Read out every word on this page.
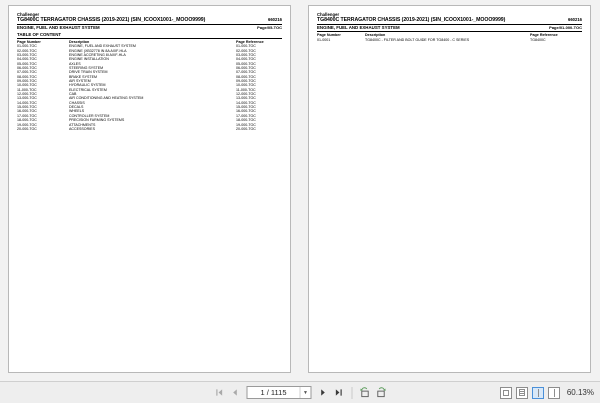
Challenger
TG8400C TERRAGATOR CHASSIS (2019-2021) (SIN_ICOOX1001-_MOOO9999)	660216
ENGINE, FUEL AND EXHAUST SYSTEM	Page/05-TOC
TABLE OF CONTENT
Page Number	Description	Page Reference
01-000-TOC	ENGINE, FUEL AND EXHAUST SYSTEM	01-000-TOC
02-000-TOC	ENGINE (XB32778 IN 8A AXIF-HLA	02-000-TOC
03-000-TOC	ENGINE ACCRETING 8I AXIF-HLA	03-000-TOC
04-000-TOC	ENGINE INSTALLATION	04-000-TOC
05-000-TOC	AXLES	05-000-TOC
06-000-TOC	STEERING SYSTEM	06-000-TOC
07-000-TOC	DRIVE TRAIN SYSTEM	07-000-TOC
08-000-TOC	BRAKE SYSTEM	08-000-TOC
09-000-TOC	AIR SYSTEM	09-000-TOC
10-000-TOC	HYDRAULIC SYSTEM	10-000-TOC
11-000-TOC	ELECTRICAL SYSTEM	11-000-TOC
12-000-TOC	CAB	12-000-TOC
13-000-TOC	AIR CONDITIONING AND HEATING SYSTEM	13-000-TOC
14-000-TOC	CHASSIS	14-000-TOC
15-000-TOC	DECALS	15-000-TOC
16-000-TOC	WHEELS	16-000-TOC
17-000-TOC	CONTROLLER SYSTEM	17-000-TOC
18-000-TOC	PRECISION FARMING SYSTEMS	18-000-TOC
19-000-TOC	ATTACHMENTS	19-000-TOC
20-000-TOC	ACCESSORIES	20-000-TOC
Challenger
TG8400C TERRAGATOR CHASSIS (2019-2021) (SIN_ICOOX1001-_MOOO9999)	660216
ENGINE, FUEL AND EXHAUST SYSTEM	Page/01-000-TOC
Page Number	Description	Page Reference
01-0001	TG8400C - FILTER AND BOLT GUIDE FOR TG8400 - C SERIES	TG8400C
1 / 1115
▼	60.13%
